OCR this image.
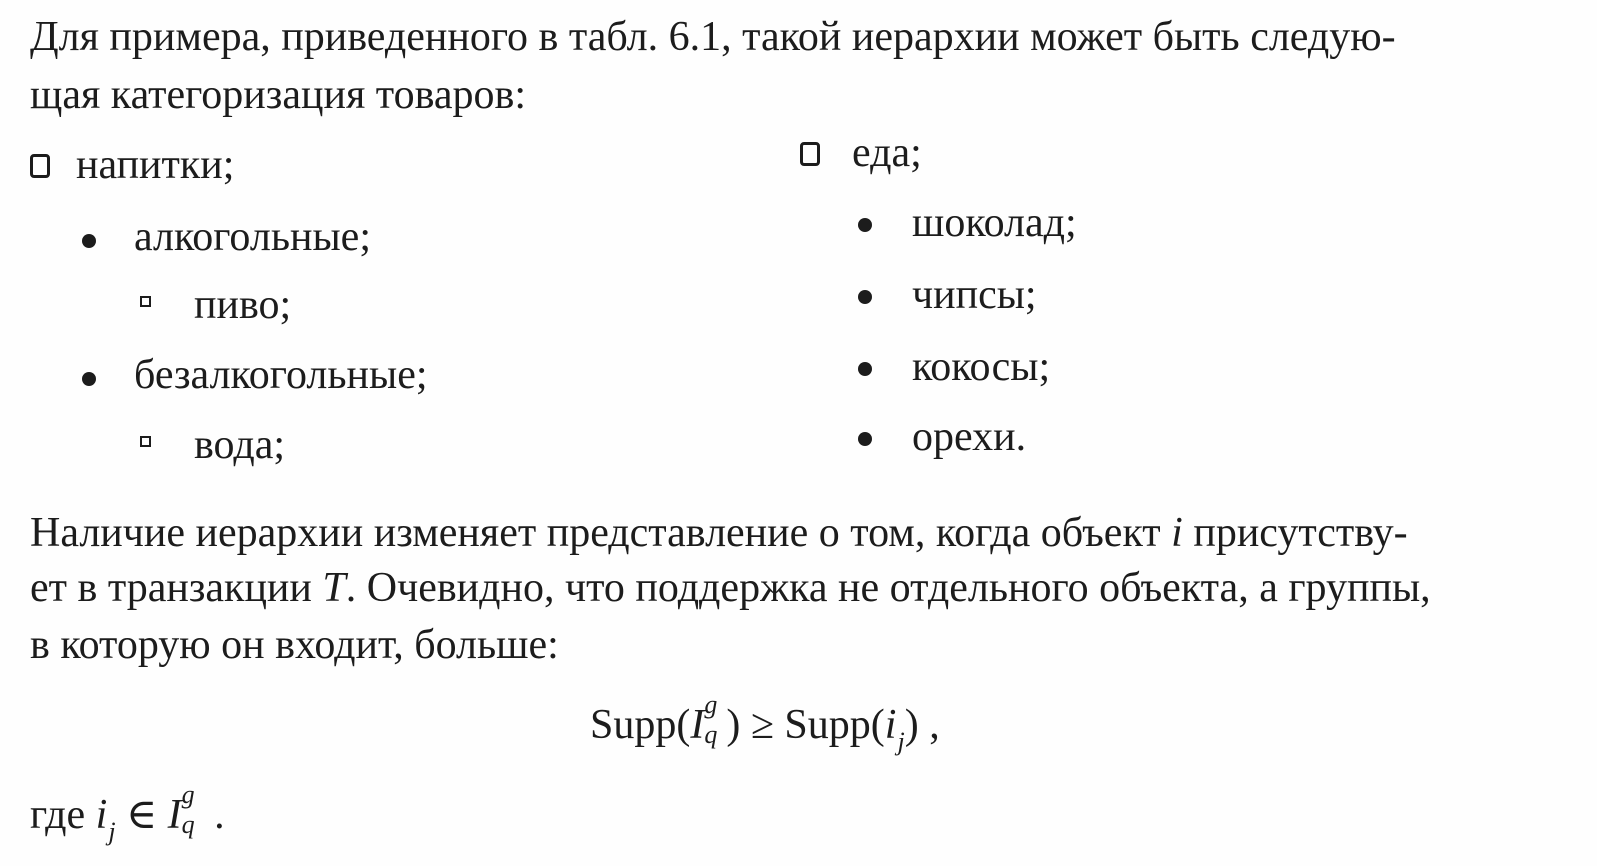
Для примера, приведенного в табл. 6.1, такой иерархии может быть следую-
щая категоризация товаров:
напитки;
алкогольные;
пиво;
безалкогольные;
вода;
еда;
шоколад;
чипсы;
кокосы;
орехи.
Наличие иерархии изменяет представление о том, когда объект i присутству-
ет в транзакции T. Очевидно, что поддержка не отдельного объекта, а группы,
в которую он входит, больше:
Supp(I g
q ) ≥ Supp(ij) ,
где ij ∈ I g
q .
